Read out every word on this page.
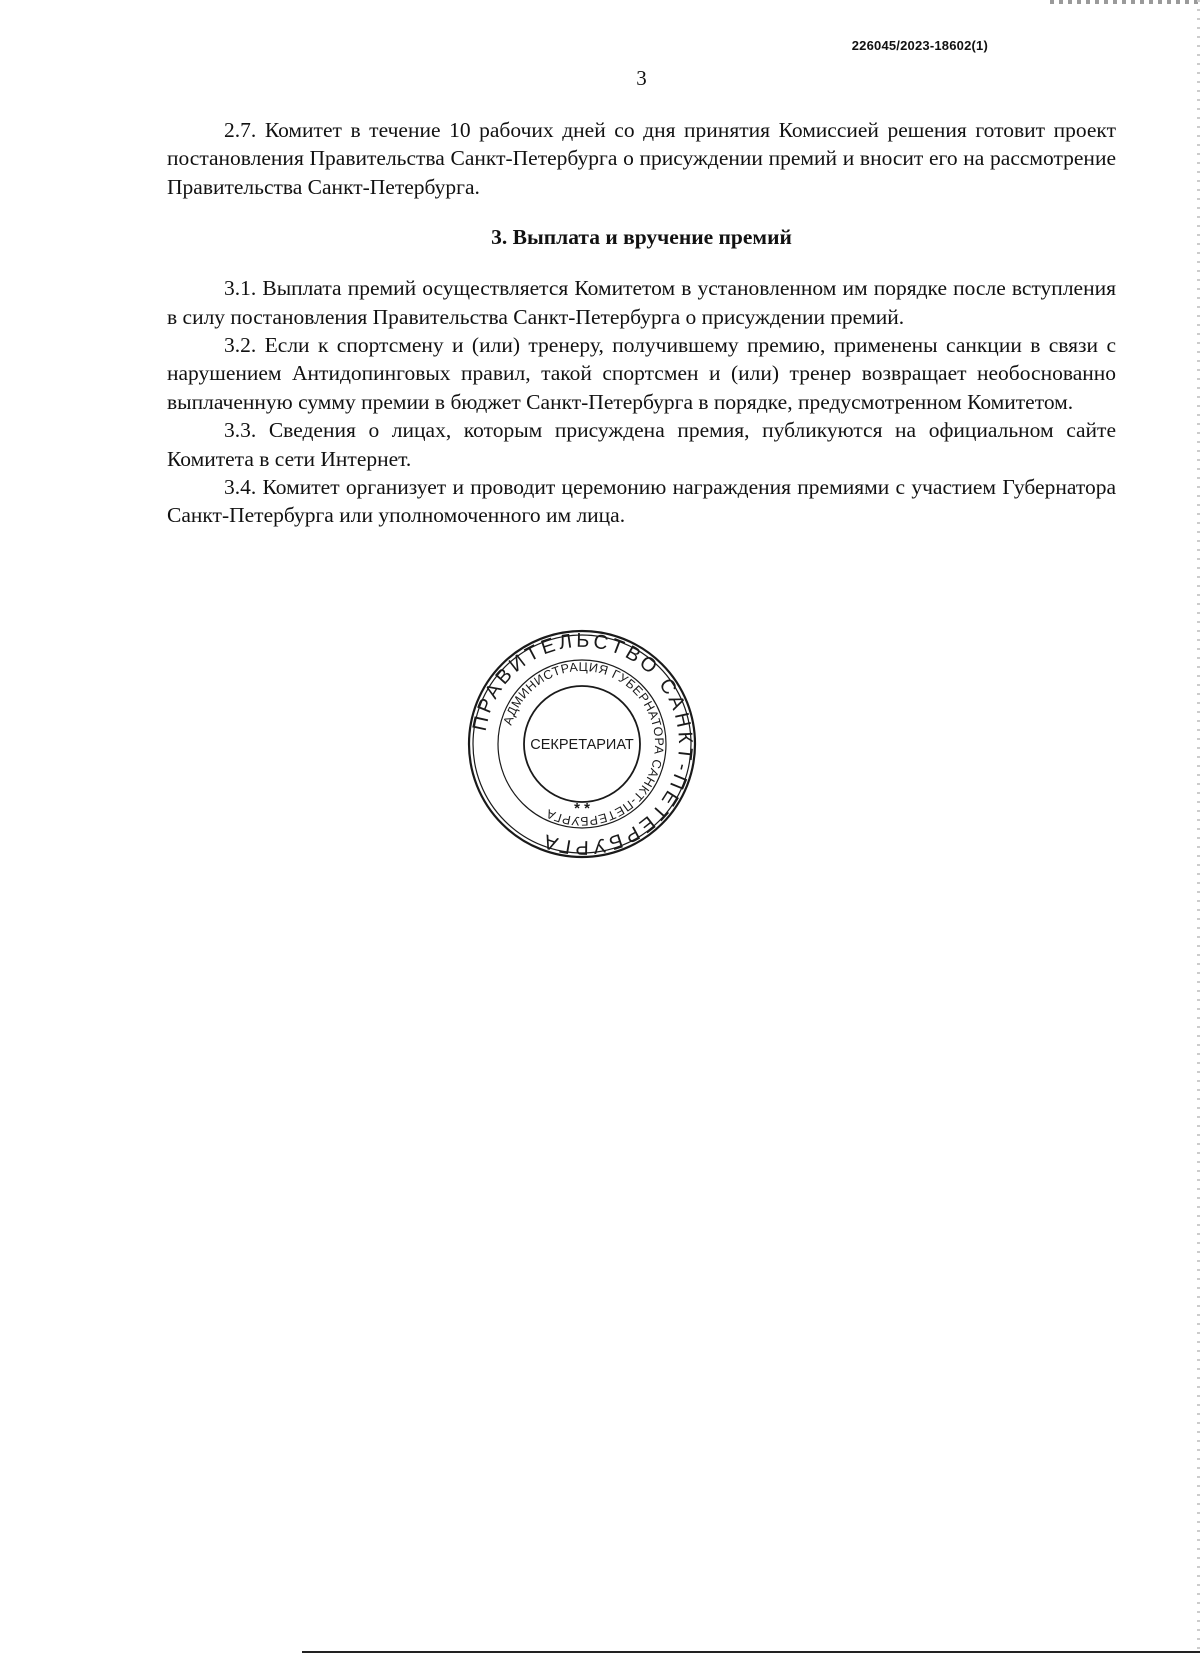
226045/2023-18602(1)
3

2.7. Комитет в течение 10 рабочих дней со дня принятия Комиссией решения готовит проект постановления Правительства Санкт-Петербурга о присуждении премий и вносит его на рассмотрение Правительства Санкт-Петербурга.

3. Выплата и вручение премий

3.1. Выплата премий осуществляется Комитетом в установленном им порядке после вступления в силу постановления Правительства Санкт-Петербурга о присуждении премий.

3.2. Если к спортсмену и (или) тренеру, получившему премию, применены санкции в связи с нарушением Антидопинговых правил, такой спортсмен и (или) тренер возвращает необоснованно выплаченную сумму премии в бюджет Санкт-Петербурга в порядке, предусмотренном Комитетом.

3.3. Сведения о лицах, которым присуждена премия, публикуются на официальном сайте Комитета в сети Интернет.

3.4. Комитет организует и проводит церемонию награждения премиями с участием Губернатора Санкт-Петербурга или уполномоченного им лица.

ПРАВИТЕЛЬСТВО САНКТ-ПЕТЕРБУРГА
АДМИНИСТРАЦИЯ ГУБЕРНАТОРА САНКТ-ПЕТЕРБУРГА
СЕКРЕТАРИАТ
* *
